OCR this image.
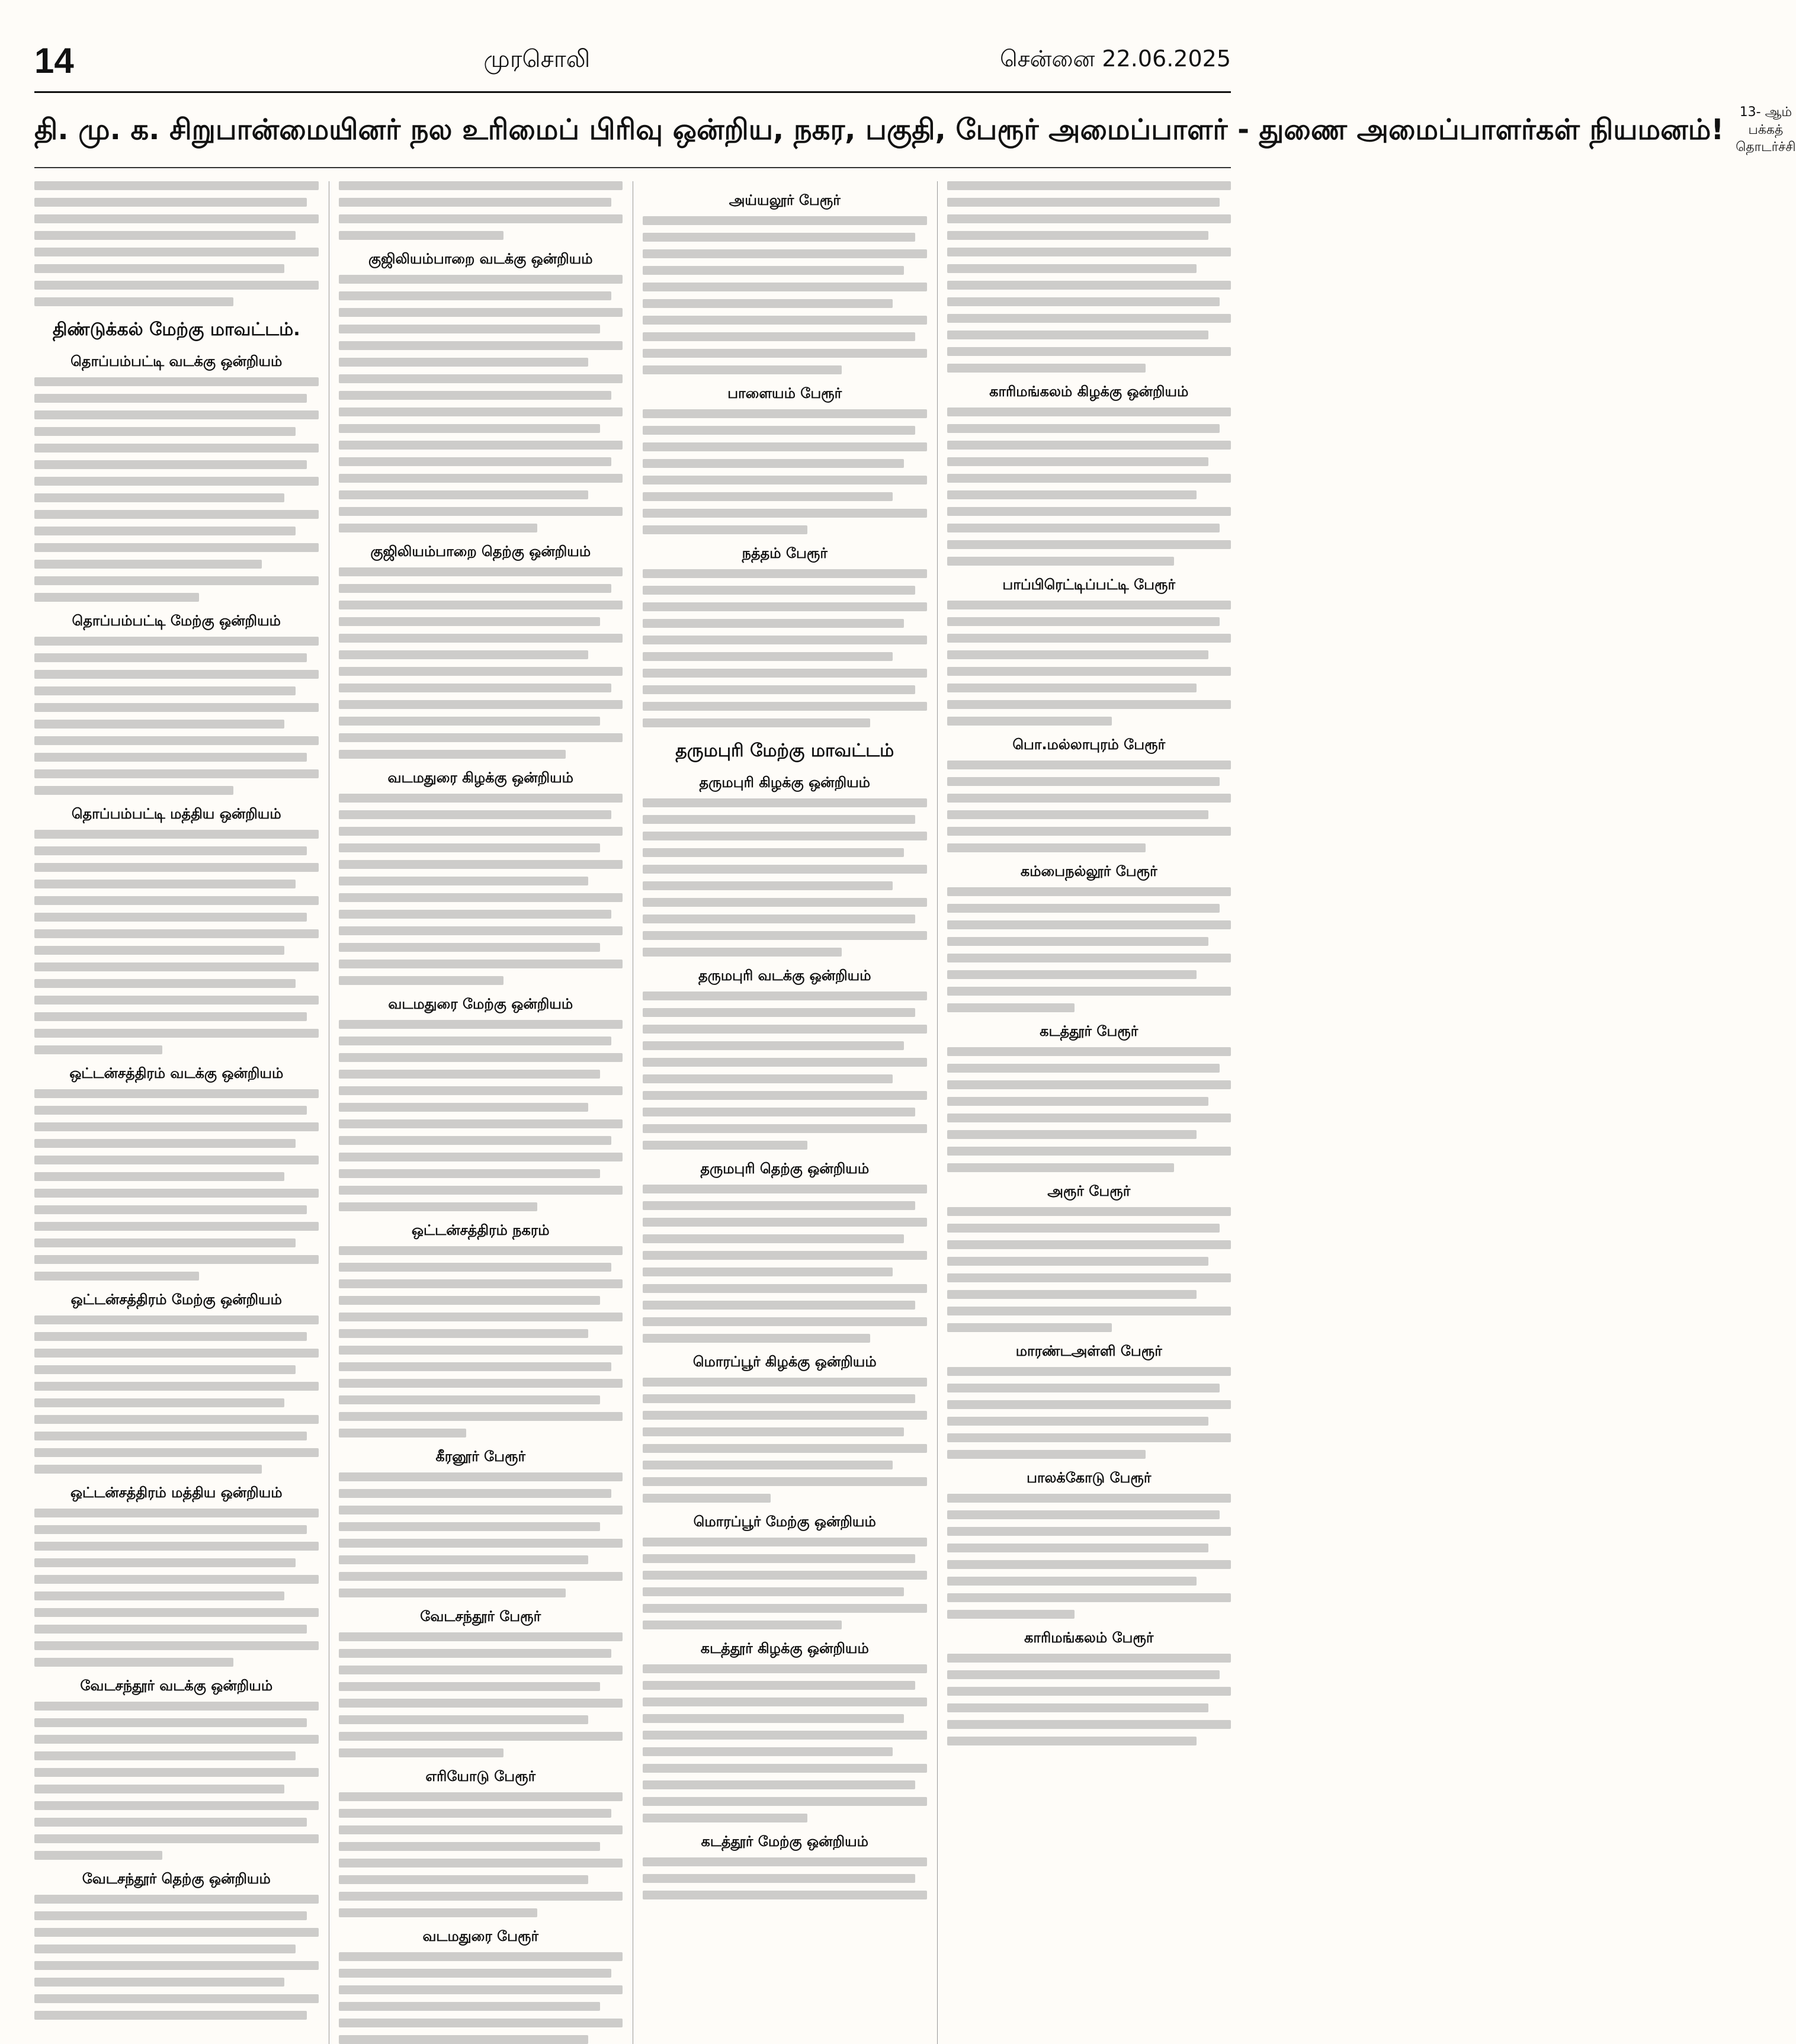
14	முரசொலி	சென்னை 22.06.2025
தி. மு. க. சிறுபான்மையினர் நல உரிமைப் பிரிவு ஒன்றிய, நகர, பகுதி, பேரூர் அமைப்பாளர் - துணை அமைப்பாளர்கள் நியமனம்!
13- ஆம் பக்கத் தொடர்ச்சி
திண்டுக்கல் மேற்கு மாவட்டம்.
தொப்பம்பட்டி வடக்கு ஒன்றியம்
தொப்பம்பட்டி மேற்கு ஒன்றியம்
தொப்பம்பட்டி மத்திய ஒன்றியம்
ஒட்டன்சத்திரம் வடக்கு ஒன்றியம்
ஒட்டன்சத்திரம் மேற்கு ஒன்றியம்
ஒட்டன்சத்திரம் மத்திய ஒன்றியம்
வேடசந்தூர் வடக்கு ஒன்றியம்
வேடசந்தூர் தெற்கு ஒன்றியம்
குஜிலியம்பாறை வடக்கு ஒன்றியம்
குஜிலியம்பாறை தெற்கு ஒன்றியம்
வடமதுரை கிழக்கு ஒன்றியம்
வடமதுரை மேற்கு ஒன்றியம்
ஒட்டன்சத்திரம் நகரம்
கீரனூர் பேரூர்
வேடசந்தூர் பேரூர்
எரியோடு பேரூர்
வடமதுரை பேரூர்
அய்யலூர் பேரூர்
பாளையம் பேரூர்
நத்தம் பேரூர்
தருமபுரி மேற்கு மாவட்டம்
தருமபுரி கிழக்கு ஒன்றியம்
தருமபுரி வடக்கு ஒன்றியம்
தருமபுரி தெற்கு ஒன்றியம்
மொரப்பூர் கிழக்கு ஒன்றியம்
மொரப்பூர் மேற்கு ஒன்றியம்
கடத்தூர் கிழக்கு ஒன்றியம்
கடத்தூர் மேற்கு ஒன்றியம்
காரிமங்கலம் கிழக்கு ஒன்றியம்
பாப்பிரெட்டிப்பட்டி பேரூர்
பொ.மல்லாபுரம் பேரூர்
கம்பைநல்லூர் பேரூர்
கடத்தூர் பேரூர்
அரூர் பேரூர்
மாரண்டஅள்ளி பேரூர்
பாலக்கோடு பேரூர்
காரிமங்கலம் பேரூர்
